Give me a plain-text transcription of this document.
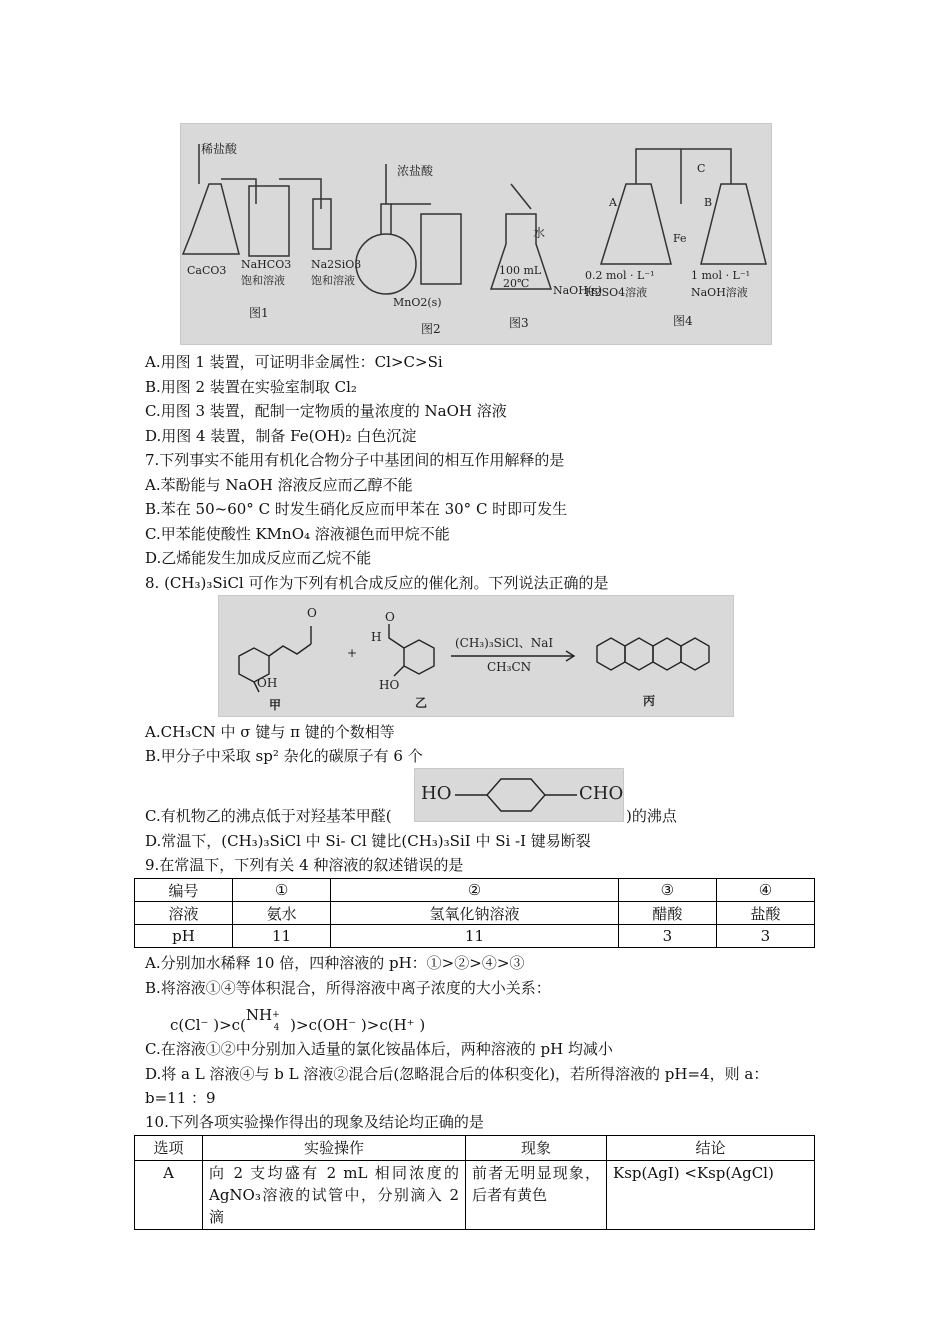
稀盐酸
CaCO3 NaHCO3
饱和溶液
Na2SiO3
饱和溶液
图1
浓盐酸
MnO2(s)
图2
水
100 mL
20℃
NaOH(s)
图3
A	B
C
Fe
0.2 mol · L⁻¹
H2SO4溶液
1 mol · L⁻¹
NaOH溶液
图4
A.用图 1 装置，可证明非金属性：Cl>C>Si
B.用图 2 装置在实验室制取 Cl₂
C.用图 3 装置，配制一定物质的量浓度的 NaOH 溶液
D.用图 4 装置，制备 Fe(OH)₂ 白色沉淀
7.下列事实不能用有机化合物分子中基团间的相互作用解释的是
A.苯酚能与 NaOH 溶液反应而乙醇不能
B.苯在 50~60° C 时发生硝化反应而甲苯在 30° C 时即可发生
C.甲苯能使酸性 KMnO₄ 溶液褪色而甲烷不能
D.乙烯能发生加成反应而乙烷不能
8. (CH₃)₃SiCl 可作为下列有机合成反应的催化剂。下列说法正确的是
O
OH
甲
+
H
O
HO
乙
(CH₃)₃SiCl、NaI
CH₃CN
丙
A.CH₃CN 中 σ 键与 π 键的个数相等
B.甲分子中采取 sp² 杂化的碳原子有 6 个
HO	CHO
C.有机物乙的沸点低于对羟基苯甲醛(	)的沸点
D.常温下，(CH₃)₃SiCl 中 Si- Cl 键比(CH₃)₃SiI 中 Si -I 键易断裂
9.在常温下，下列有关 4 种溶液的叙述错误的是
编号	①	②	③	④
溶液	氨水	氢氧化钠溶液	醋酸	盐酸
pH	11	11	3	3
A.分别加水稀释 10 倍，四种溶液的 pH：①>②>④>③
B.将溶液①④等体积混合，所得溶液中离子浓度的大小关系：
c(Cl⁻ )$>c(NH^+_4$ )>c(OH⁻ )>c(H⁺ )
C.在溶液①②中分别加入适量的氯化铵晶体后，两种溶液的 pH 均减小
D.将 a L 溶液④与 b L 溶液②混合后(忽略混合后的体积变化)，若所得溶液的 pH=4，则 a：
b=11 ：9
10.下列各项实验操作得出的现象及结论均正确的是
选项	实验操作	现象	结论
A	向 2 支均盛有 2 mL 相同浓度的 AgNO₃溶液的试管中，分别滴入 2 滴	前者无明显现象，后者有黄色	Ksp(AgI) <Ksp(AgCl)
